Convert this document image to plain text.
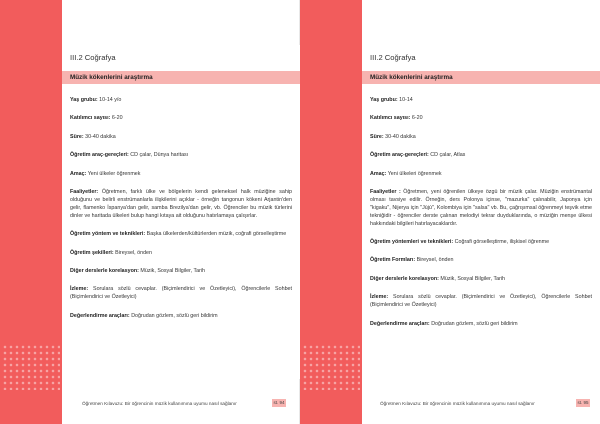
III.2 Coğrafya
Müzik kökenlerini araştırma

Yaş grubu: 10-14 y/o

Katılımcı sayısı: 6-20

Süre: 30-40 dakika

Öğretim araç-gereçleri: CD çalar, Dünya haritası

Amaç: Yeni ülkeler öğrenmek

Faaliyetler: Öğretmen, farklı ülke ve bölgelerin kendi geleneksel halk müziğine sahip olduğunu ve belirli enstrümanlarla ilişkilerini açıklar - örneğin tangonun kökeni Arjantin'den gelir, flamenko İspanya'dan gelir, samba Brezilya'dan gelir, vb. Öğrenciler bu müzik türlerini dinler ve haritada ülkeleri bulup hangi kıtaya ait olduğunu hatırlamaya çalışırlar.

Öğretim yöntem ve teknikleri: Başka ülkelerden/kültürlerden müzik, coğrafi görselleştirme

Öğretim şekilleri: Bireysel, önden

Diğer derslerle korelasyon: Müzik, Sosyal Bilgiler, Tarih

İzleme: Sorulara sözlü cevaplar. (Biçimlendirici ve Özetleyici), Öğrencilerle Sohbet (Biçimlendirici ve Özetleyici)

Değerlendirme araçları: Doğrudan gözlem, sözlü geri bildirim

Öğretmen Kılavuzu: Bir öğrencinin müzik kullanımına uyumu nasıl sağlanır	st. 94
III.2 Coğrafya
Müzik kökenlerini araştırma

Yaş grubu: 10-14

Katılımcı sayısı: 6-20

Süre: 30-40 dakika

Öğretim araç-gereçleri: CD çalar, Atlas

Amaç: Yeni ülkeleri öğrenmek

Faaliyetler : Öğretmen, yeni öğrenilen ülkeye özgü bir müzik çalar. Müziğin enstrümantal olması tavsiye edilir. Örneğin, ders Polonya içinse, "mazurka" çalınabilir, Japonya için "kigaku", Nijerya için "Jùjú", Kolombiya için "salsa" vb. Bu, çağrışımsal öğrenmeyi teşvik etme tekniğidir - öğrenciler derste çalınan melodiyi tekrar duyduklarında, o müziğin menşe ülkesi hakkındaki bilgileri hatırlayacaklardır.

Öğretim yöntemleri ve teknikleri: Coğrafi görselleştirme, ilişkisel öğrenme

Öğretim Formları: Bireysel, önden

Diğer derslerle korelasyon: Müzik, Sosyal Bilgiler, Tarih

İzleme: Sorulara sözlü cevaplar. (Biçimlendirici ve Özetleyici), Öğrencilerle Sohbet (Biçimlendirici ve Özetleyici)

Değerlendirme araçları: Doğrudan gözlem, sözlü geri bildirim

Öğretmen Kılavuzu: Bir öğrencinin müzik kullanımına uyumu nasıl sağlanır	st. 95
